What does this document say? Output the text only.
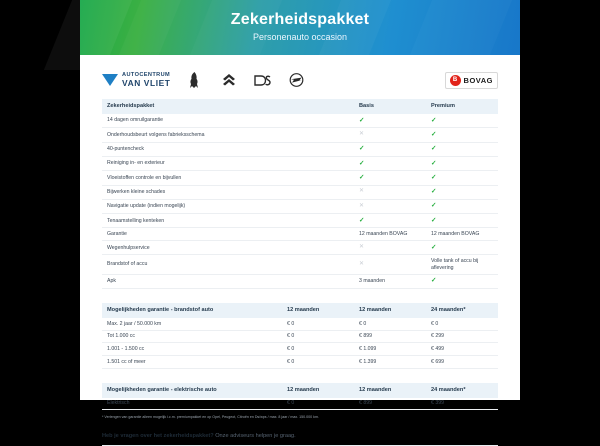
Zekerheidspakket
Personenauto occasion
AUTOCENTRUM
VAN VLIET	B BOVAG
Zekerheidspakket	Basis	Premium
14 dagen omruilgarantie	✓	✓
Onderhoudsbeurt volgens fabrieksschema	✕	✓
40-puntencheck	✓	✓
Reiniging in- en exterieur	✓	✓
Vloeistoffen controle en bijvullen	✓	✓
Bijwerken kleine schades	✕	✓
Navigatie update (indien mogelijk)	✕	✓
Tenaamstelling kenteken	✓	✓
Garantie	12 maanden BOVAG	12 maanden BOVAG
Wegenhulpservice	✕	✓
Brandstof of accu	✕	Volle tank of accu bij aflevering
Apk	3 maanden	✓
Mogelijkheden garantie - brandstof auto	12 maanden	12 maanden	24 maanden*
Max. 2 jaar / 50.000 km	€ 0	€ 0	€ 0
Tot 1.000 cc	€ 0	€ 899	€ 299
1.001 - 1.500 cc	€ 0	€ 1.099	€ 499
1.501 cc of meer	€ 0	€ 1.399	€ 699
Mogelijkheden garantie - elektrische auto	12 maanden	12 maanden	24 maanden*
Elektrisch	€ 0	€ 899	€ 399
* Verlengen van garantie alleen mogelijk i.c.m. premiumpakket en op Opel, Peugeot, Citroën en Ds/wps / max. 8 jaar / max. 150.000 km.
Heb je vragen over het zekerheidspakket? Onze adviseurs helpen je graag.
